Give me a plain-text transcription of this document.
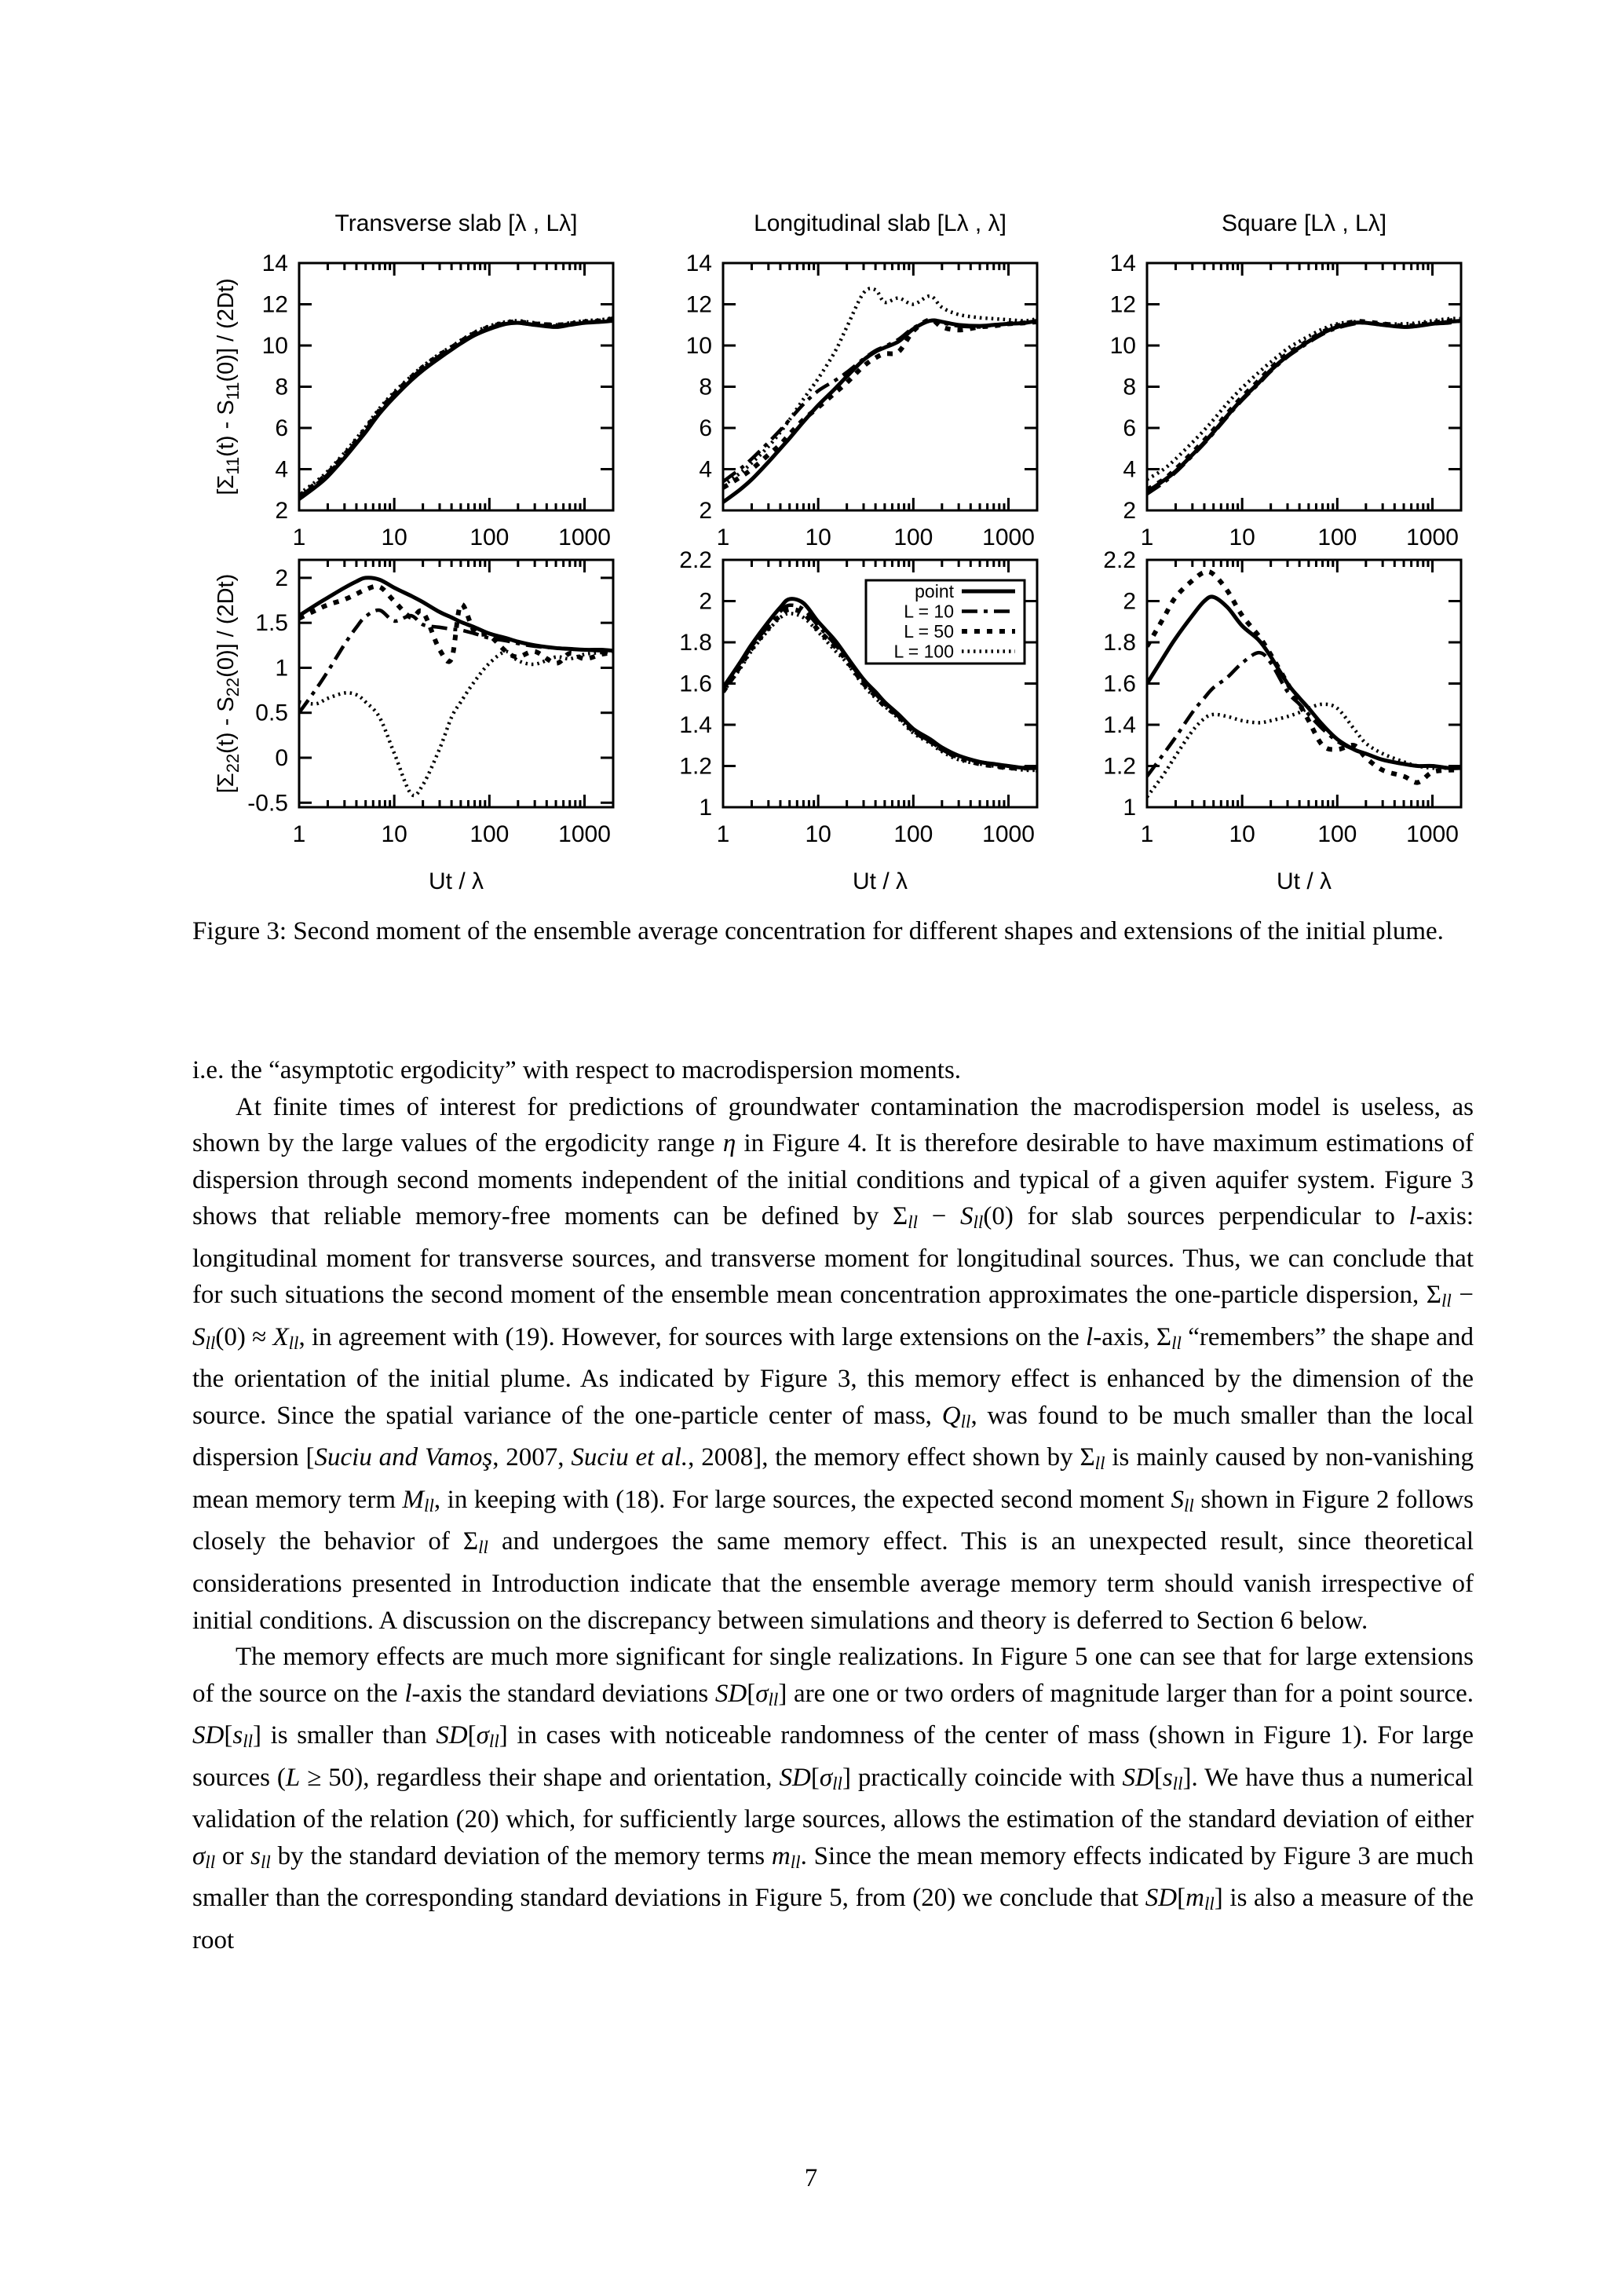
1	10	100 1000
2
4
6
8
10
12
14
Transverse slab [λ , Lλ]
$[\Sigma_{11}(t) - S_{11}(0)] / (2Dt)$
1	10	100 1000
2
4
6
8
10
12
14
Longitudinal slab [Lλ , λ]
1	10	100 1000
2
4
6
8
10
12
14
Square [Lλ , Lλ]
1	10	100 1000
-0.5
0
0.5
1
1.5
2
Ut / λ
$[\Sigma_{22}(t) - S_{22}(0)] / (2Dt)$
1	10	100 1000
1
1.2
1.4
1.6
1.8
2
2.2
Ut / λ
point
L = 10
L = 50
L = 100
1	10	100 1000
1
1.2
1.4
1.6
1.8
2
2.2
Ut / λ

Figure 3: Second moment of the ensemble average concentration for different shapes and extensions of the initial plume.

i.e. the “asymptotic ergodicity” with respect to macrodispersion moments.

At finite times of interest for predictions of groundwater contamination the macrodispersion model is useless, as shown by the large values of the ergodicity range η in Figure 4. It is therefore desirable to have maximum estimations of dispersion through second moments independent of the initial conditions and typical of a given aquifer system. Figure 3 shows that reliable memory-free moments can be defined by Σll − Sll(0) for slab sources perpendicular to l-axis: longitudinal moment for transverse sources, and transverse moment for longitudinal sources. Thus, we can conclude that for such situations the second moment of the ensemble mean concentration approximates the one-particle dispersion, Σll − Sll(0) ≈ Xll, in agreement with (19). However, for sources with large extensions on the l-axis, Σll “remembers” the shape and the orientation of the initial plume. As indicated by Figure 3, this memory effect is enhanced by the dimension of the source. Since the spatial variance of the one-particle center of mass, Qll, was found to be much smaller than the local dispersion [Suciu and Vamoş, 2007, Suciu et al., 2008], the memory effect shown by Σll is mainly caused by non-vanishing mean memory term Mll, in keeping with (18). For large sources, the expected second moment Sll shown in Figure 2 follows closely the behavior of Σll and undergoes the same memory effect. This is an unexpected result, since theoretical considerations presented in Introduction indicate that the ensemble average memory term should vanish irrespective of initial conditions. A discussion on the discrepancy between simulations and theory is deferred to Section 6 below.

The memory effects are much more significant for single realizations. In Figure 5 one can see that for large extensions of the source on the l-axis the standard deviations SD[σll] are one or two orders of magnitude larger than for a point source. SD[sll] is smaller than SD[σll] in cases with noticeable randomness of the center of mass (shown in Figure 1). For large sources (L ≥ 50), regardless their shape and orientation, SD[σll] practically coincide with SD[sll]. We have thus a numerical validation of the relation (20) which, for sufficiently large sources, allows the estimation of the standard deviation of either σll or sll by the standard deviation of the memory terms mll. Since the mean memory effects indicated by Figure 3 are much smaller than the corresponding standard deviations in Figure 5, from (20) we conclude that SD[mll] is also a measure of the root

7
